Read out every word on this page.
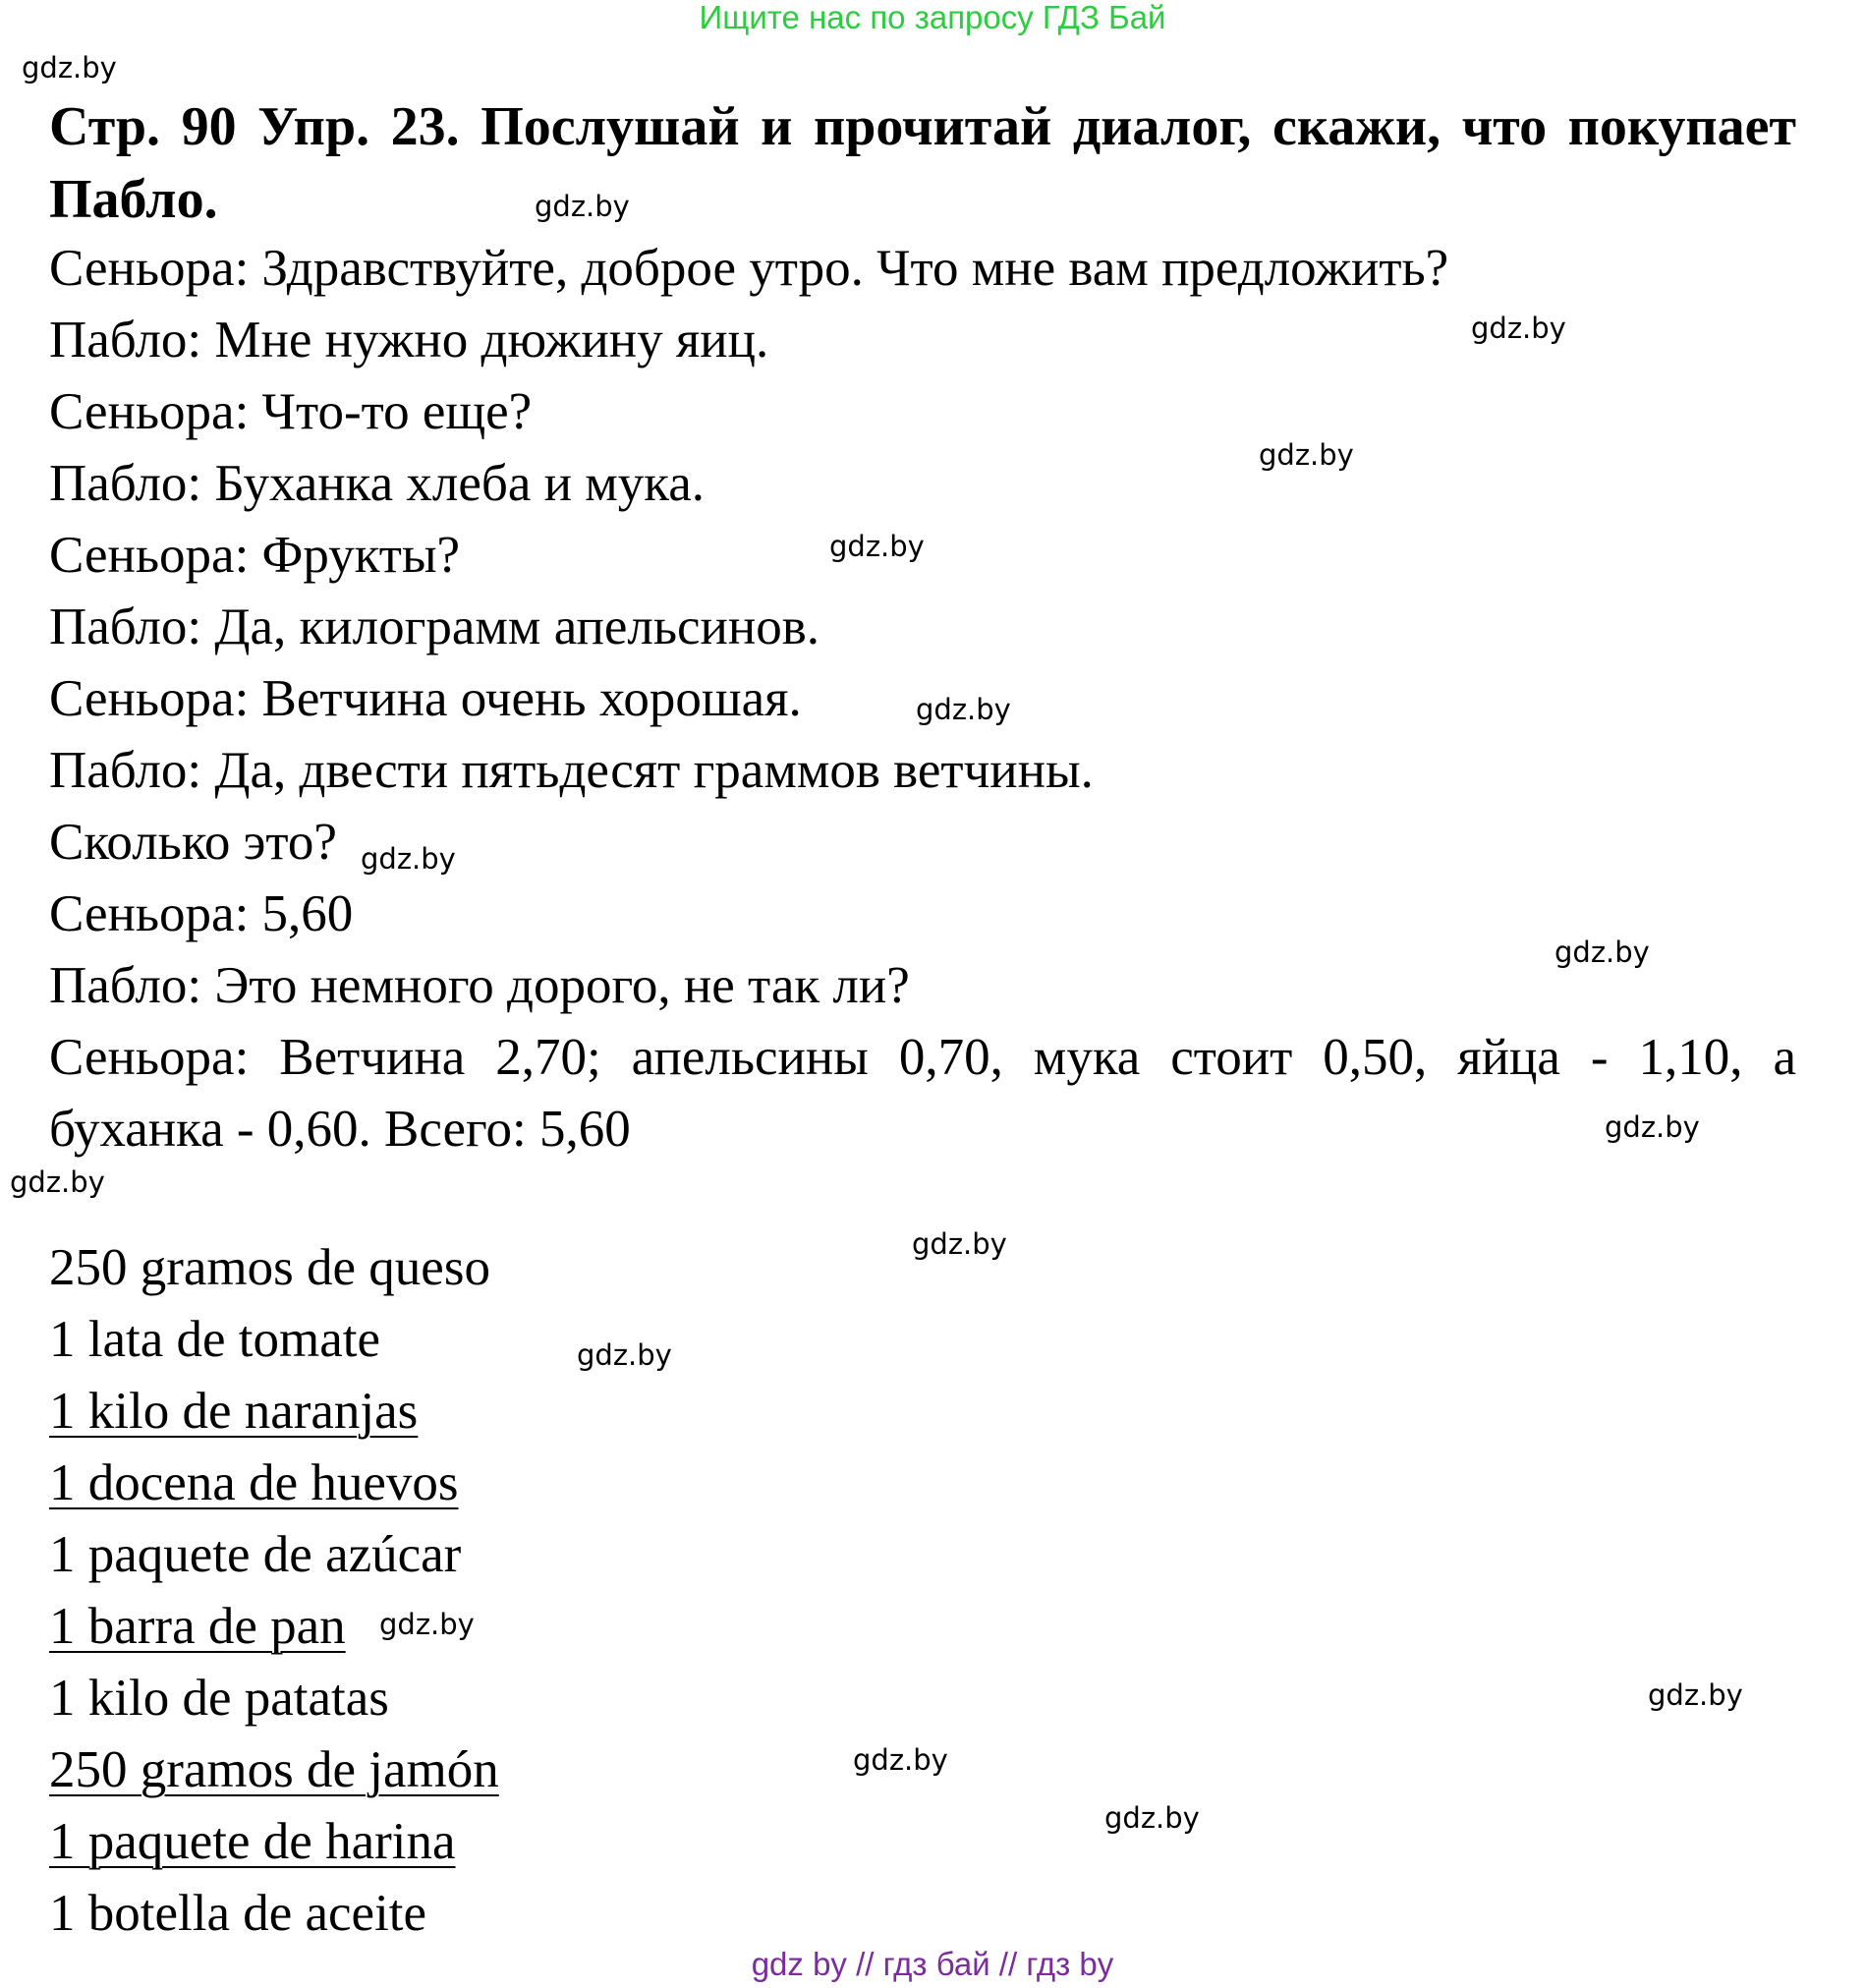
Ищите нас по запросу ГДЗ Бай
gdz.by
gdz.by
gdz.by
gdz.by
gdz.by
gdz.by
gdz.by
gdz.by
gdz.by
gdz.by
gdz.by
gdz.by
gdz.by
gdz.by
gdz.by
gdz.by
Стр. 90 Упр. 23. Послушай и прочитай диалог, скажи, что покупает Пабло.
Сеньора: Здравствуйте, доброе утро. Что мне вам предложить?
Пабло: Мне нужно дюжину яиц.
Сеньора: Что-то еще?
Пабло: Буханка хлеба и мука.
Сеньора: Фрукты?
Пабло: Да, килограмм апельсинов.
Сеньора: Ветчина очень хорошая.
Пабло: Да, двести пятьдесят граммов ветчины.
Сколько это?
Сеньора: 5,60
Пабло: Это немного дорого, не так ли?
Сеньора: Ветчина 2,70; апельсины 0,70, мука стоит 0,50, яйца - 1,10, а
буханка - 0,60. Всего: 5,60
250 gramos de queso
1 lata de tomate
1 kilo de naranjas
1 docena de huevos
1 paquete de azúcar
1 barra de pan
1 kilo de patatas
250 gramos de jamón
1 paquete de harina
1 botella de aceite
gdz by // гдз бай // гдз by
